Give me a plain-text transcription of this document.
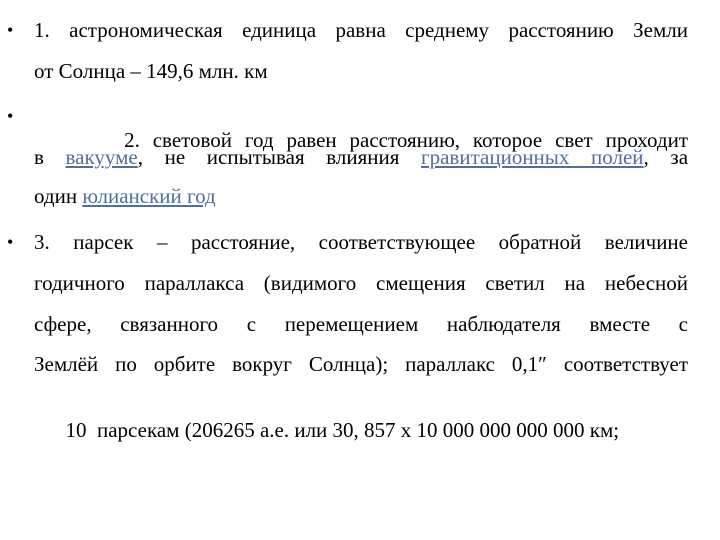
• 1. астрономическая единица равна среднему расстоянию Земли
от Солнца – 149,6 млн. км
•

2. световой год равен расстоянию, которое свет проходит

в вакууме, не испытывая влияния гравитационных полей, за
один юлианский год
• 3. парсек – расстояние, соответствующее обратной величине
годичного параллакса (видимого смещения светил на небесной
сфере, связанного с перемещением наблюдателя вместе с
Землёй по орбите вокруг Солнца); параллакс 0,1″ соответствует

10  парсекам (206265 а.е. или 30, 857 х 10 000 000 000 000 км;
